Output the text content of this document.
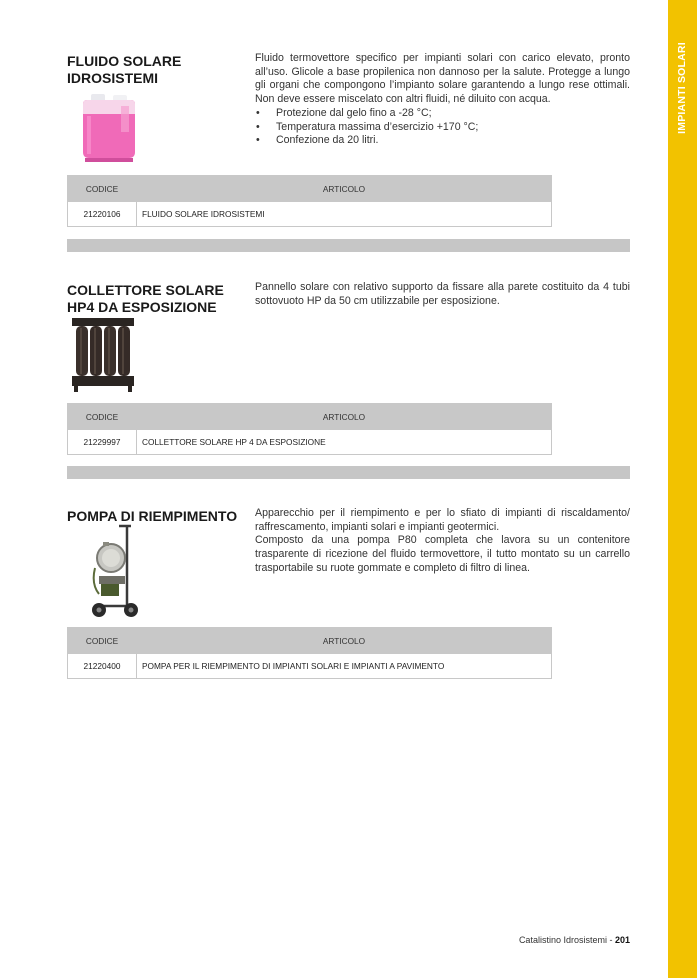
IMPIANTI SOLARI
FLUIDO SOLARE IDROSISTEMI

Fluido termovettore specifico per impianti solari con carico elevato, pronto all’uso. Glicole a base propilenica non dannoso per la salute. Protegge a lungo gli organi che compongono l’impianto solare garantendo a lungo rese ottimali. Non deve essere miscelato con altri fluidi, né diluito con acqua.

• Protezione dal gelo fino a -28 °C;
• Temperatura massima d’esercizio +170 °C;
• Confezione da 20 litri.
CODICE	ARTICOLO
21220106	FLUIDO SOLARE IDROSISTEMI
COLLETTORE SOLARE HP4 DA ESPOSIZIONE

Pannello solare con relativo supporto da fissare alla parete costituito da 4 tubi sottovuoto HP da 50 cm utilizzabile per esposizione.

CODICE	ARTICOLO
21229997	COLLETTORE SOLARE HP 4 DA ESPOSIZIONE
POMPA DI RIEMPIMENTO	Apparecchio per il riempimento e per lo sfiato di impianti di riscaldamento/ raffrescamento, impianti solari e impianti geotermici.

Composto da una pompa P80 completa che lavora su un contenitore trasparente di ricezione del fluido termovettore, il tutto montato su un carrello trasportabile su ruote gommate e completo di filtro di linea.

CODICE	ARTICOLO
21220400	POMPA PER IL RIEMPIMENTO DI IMPIANTI SOLARI E IMPIANTI A PAVIMENTO
Catalistino Idrosistemi - 201
